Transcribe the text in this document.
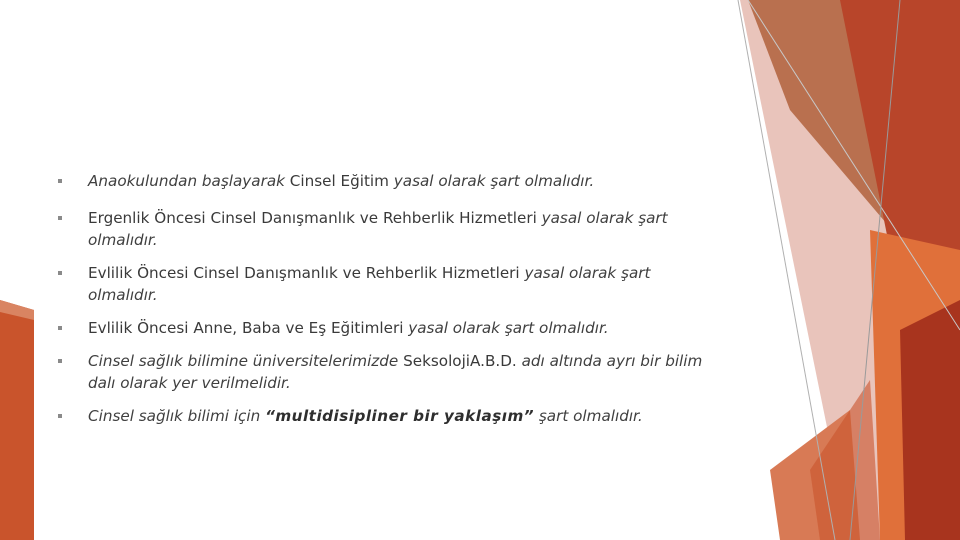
Anaokulundan başlayarak Cinsel Eğitim yasal olarak şart olmalıdır.
Ergenlik Öncesi Cinsel Danışmanlık ve Rehberlik Hizmetleri yasal olarak şart olmalıdır.
Evlilik Öncesi Cinsel Danışmanlık ve Rehberlik Hizmetleri yasal olarak şart olmalıdır.
Evlilik Öncesi Anne, Baba ve Eş Eğitimleri yasal olarak şart olmalıdır.
Cinsel sağlık bilimine üniversitelerimizde SeksolojiA.B.D. adı altında ayrı bir bilim dalı olarak yer verilmelidir.
Cinsel sağlık bilimi için “multidisipliner bir yaklaşım” şart olmalıdır.
